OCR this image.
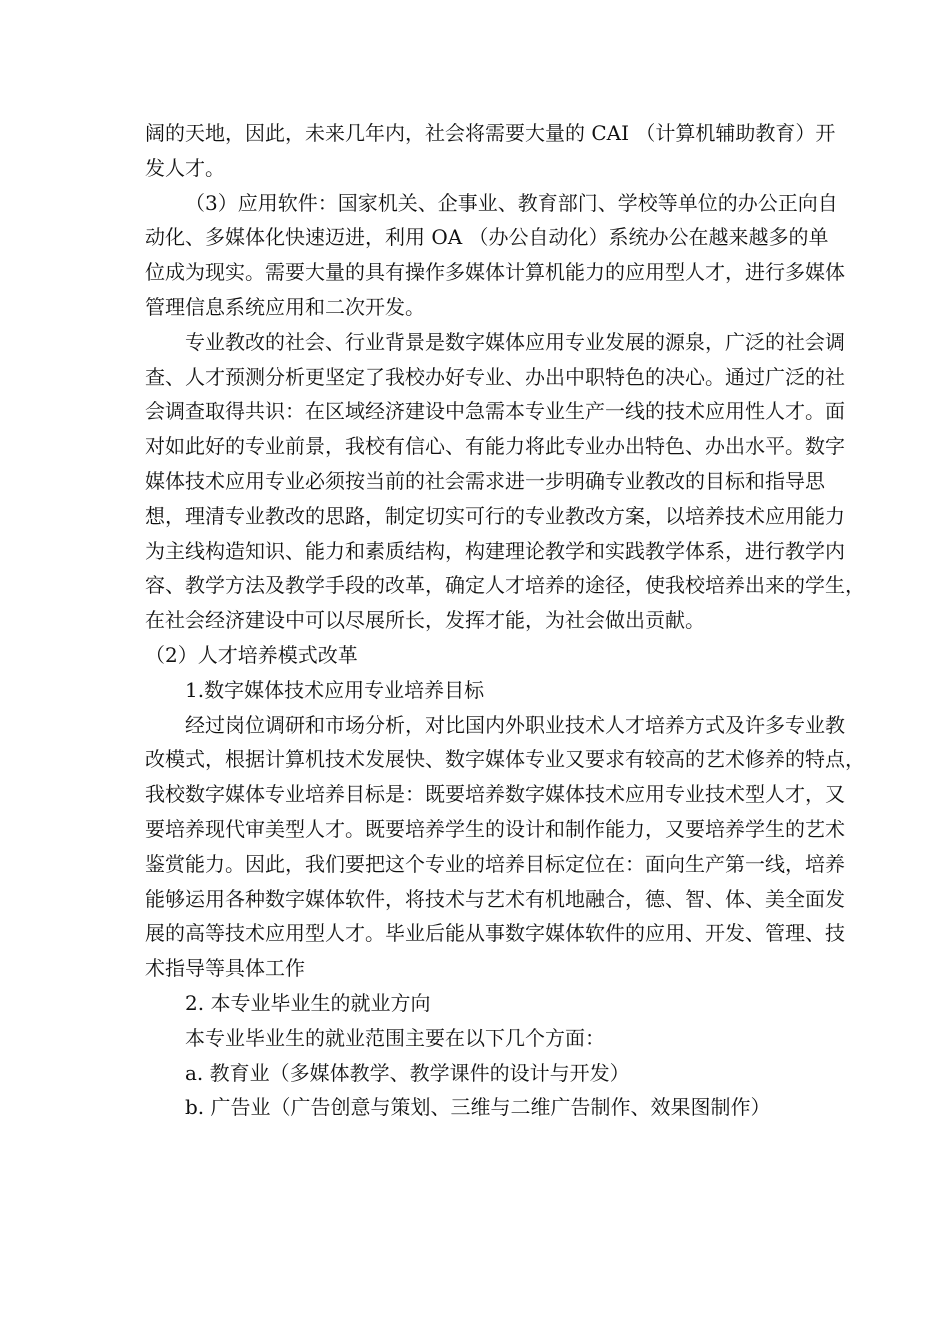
阔的天地，因此，未来几年内，社会将需要大量的 CAI （计算机辅助教育）开
发人才。
（3）应用软件：国家机关、企事业、教育部门、学校等单位的办公正向自
动化、多媒体化快速迈进，利用 OA （办公自动化）系统办公在越来越多的单
位成为现实。需要大量的具有操作多媒体计算机能力的应用型人才，进行多媒体
管理信息系统应用和二次开发。
专业教改的社会、行业背景是数字媒体应用专业发展的源泉，广泛的社会调
查、人才预测分析更坚定了我校办好专业、办出中职特色的决心。通过广泛的社
会调查取得共识：在区域经济建设中急需本专业生产一线的技术应用性人才。面
对如此好的专业前景，我校有信心、有能力将此专业办出特色、办出水平。数字
媒体技术应用专业必须按当前的社会需求进一步明确专业教改的目标和指导思
想，理清专业教改的思路，制定切实可行的专业教改方案，以培养技术应用能力
为主线构造知识、能力和素质结构，构建理论教学和实践教学体系，进行教学内
容、教学方法及教学手段的改革，确定人才培养的途径，使我校培养出来的学生，
在社会经济建设中可以尽展所长，发挥才能，为社会做出贡献。
（2）人才培养模式改革
1.数字媒体技术应用专业培养目标
经过岗位调研和市场分析，对比国内外职业技术人才培养方式及许多专业教
改模式，根据计算机技术发展快、数字媒体专业又要求有较高的艺术修养的特点，
我校数字媒体专业培养目标是：既要培养数字媒体技术应用专业技术型人才，又
要培养现代审美型人才。既要培养学生的设计和制作能力，又要培养学生的艺术
鉴赏能力。因此，我们要把这个专业的培养目标定位在：面向生产第一线，培养
能够运用各种数字媒体软件，将技术与艺术有机地融合，德、智、体、美全面发
展的高等技术应用型人才。毕业后能从事数字媒体软件的应用、开发、管理、技
术指导等具体工作
2. 本专业毕业生的就业方向
本专业毕业生的就业范围主要在以下几个方面：
a. 教育业（多媒体教学、教学课件的设计与开发）
b. 广告业（广告创意与策划、三维与二维广告制作、效果图制作）
